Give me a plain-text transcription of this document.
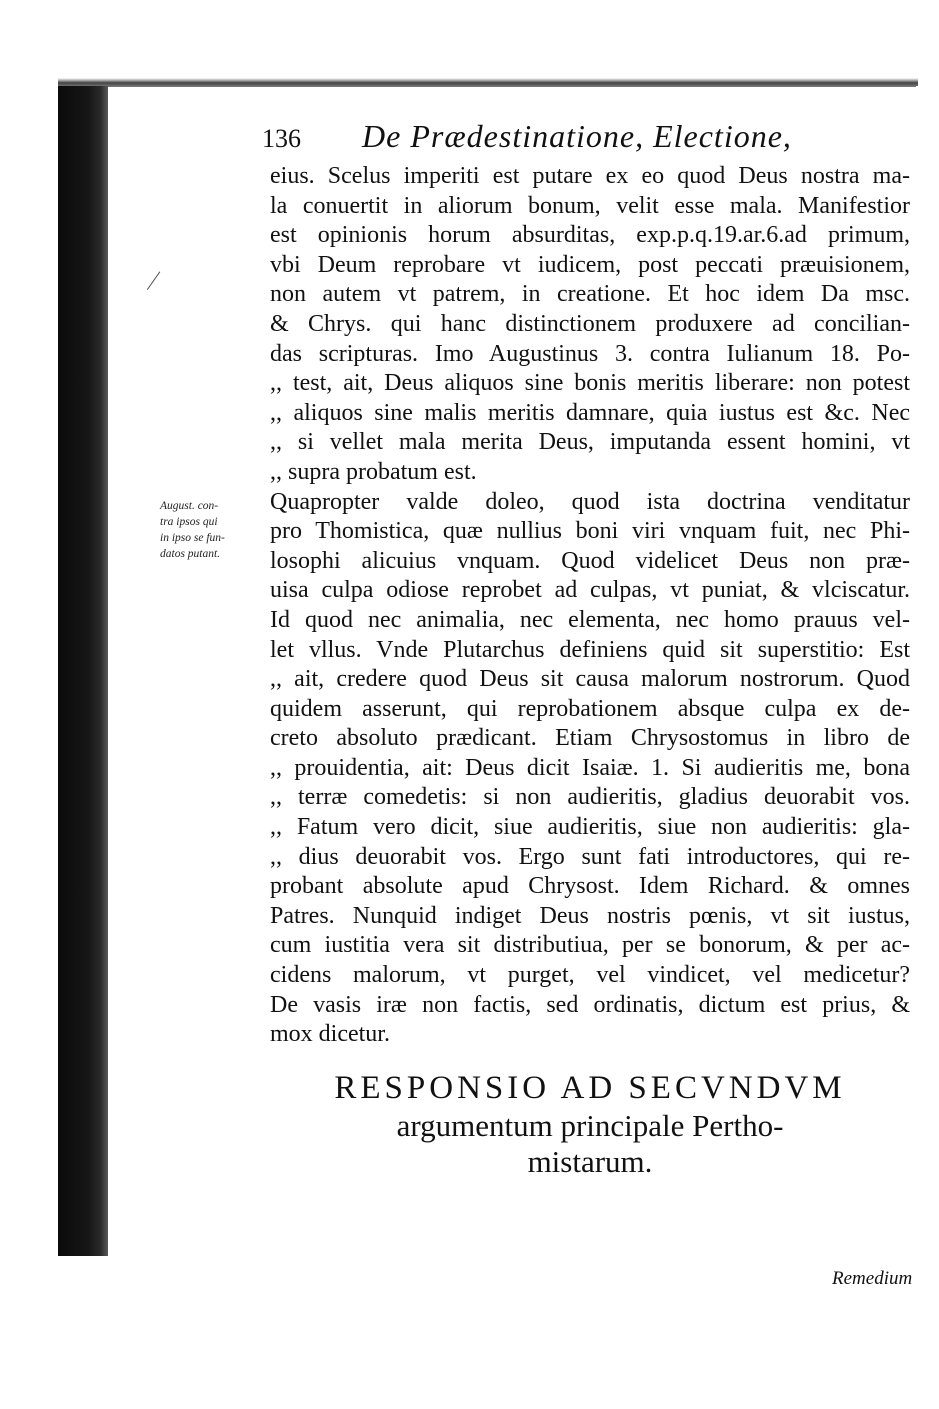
136 De Prædestinatione, Electione,
August. con-
tra ipsos qui
in ipso se fun-
datos putant.
eius. Scelus imperiti est putare ex eo quod Deus nostra ma-
la conuertit in aliorum bonum, velit esse mala. Manifestior
est opinionis horum absurditas, exp.p.q.19.ar.6.ad primum,
vbi Deum reprobare vt iudicem, post peccati præuisionem,
non autem vt patrem, in creatione. Et hoc idem Da msc.
& Chrys. qui hanc distinctionem produxere ad concilian-
das scripturas. Imo Augustinus 3. contra Iulianum 18. Po-
,, test, ait, Deus aliquos sine bonis meritis liberare: non potest
,, aliquos sine malis meritis damnare, quia iustus est &c. Nec
,, si vellet mala merita Deus, imputanda essent homini, vt
,, supra probatum est.
Quapropter valde doleo, quod ista doctrina venditatur
pro Thomistica, quæ nullius boni viri vnquam fuit, nec Phi-
losophi alicuius vnquam. Quod videlicet Deus non præ-
uisa culpa odiose reprobet ad culpas, vt puniat, & vlciscatur.
Id quod nec animalia, nec elementa, nec homo prauus vel-
let vllus. Vnde Plutarchus definiens quid sit superstitio: Est
,, ait, credere quod Deus sit causa malorum nostrorum. Quod
quidem asserunt, qui reprobationem absque culpa ex de-
creto absoluto prædicant. Etiam Chrysostomus in libro de
,, prouidentia, ait: Deus dicit Isaiæ. 1. Si audieritis me, bona
,, terræ comedetis: si non audieritis, gladius deuorabit vos.
,, Fatum vero dicit, siue audieritis, siue non audieritis: gla-
,, dius deuorabit vos. Ergo sunt fati introductores, qui re-
probant absolute apud Chrysost. Idem Richard. & omnes
Patres. Nunquid indiget Deus nostris pœnis, vt sit iustus,
cum iustitia vera sit distributiua, per se bonorum, & per ac-
cidens malorum, vt purget, vel vindicet, vel medicetur?
De vasis iræ non factis, sed ordinatis, dictum est prius, &
mox dicetur.
RESPONSIO AD SECVNDVM
argumentum principale Pertho-
mistarum.
Remedium
